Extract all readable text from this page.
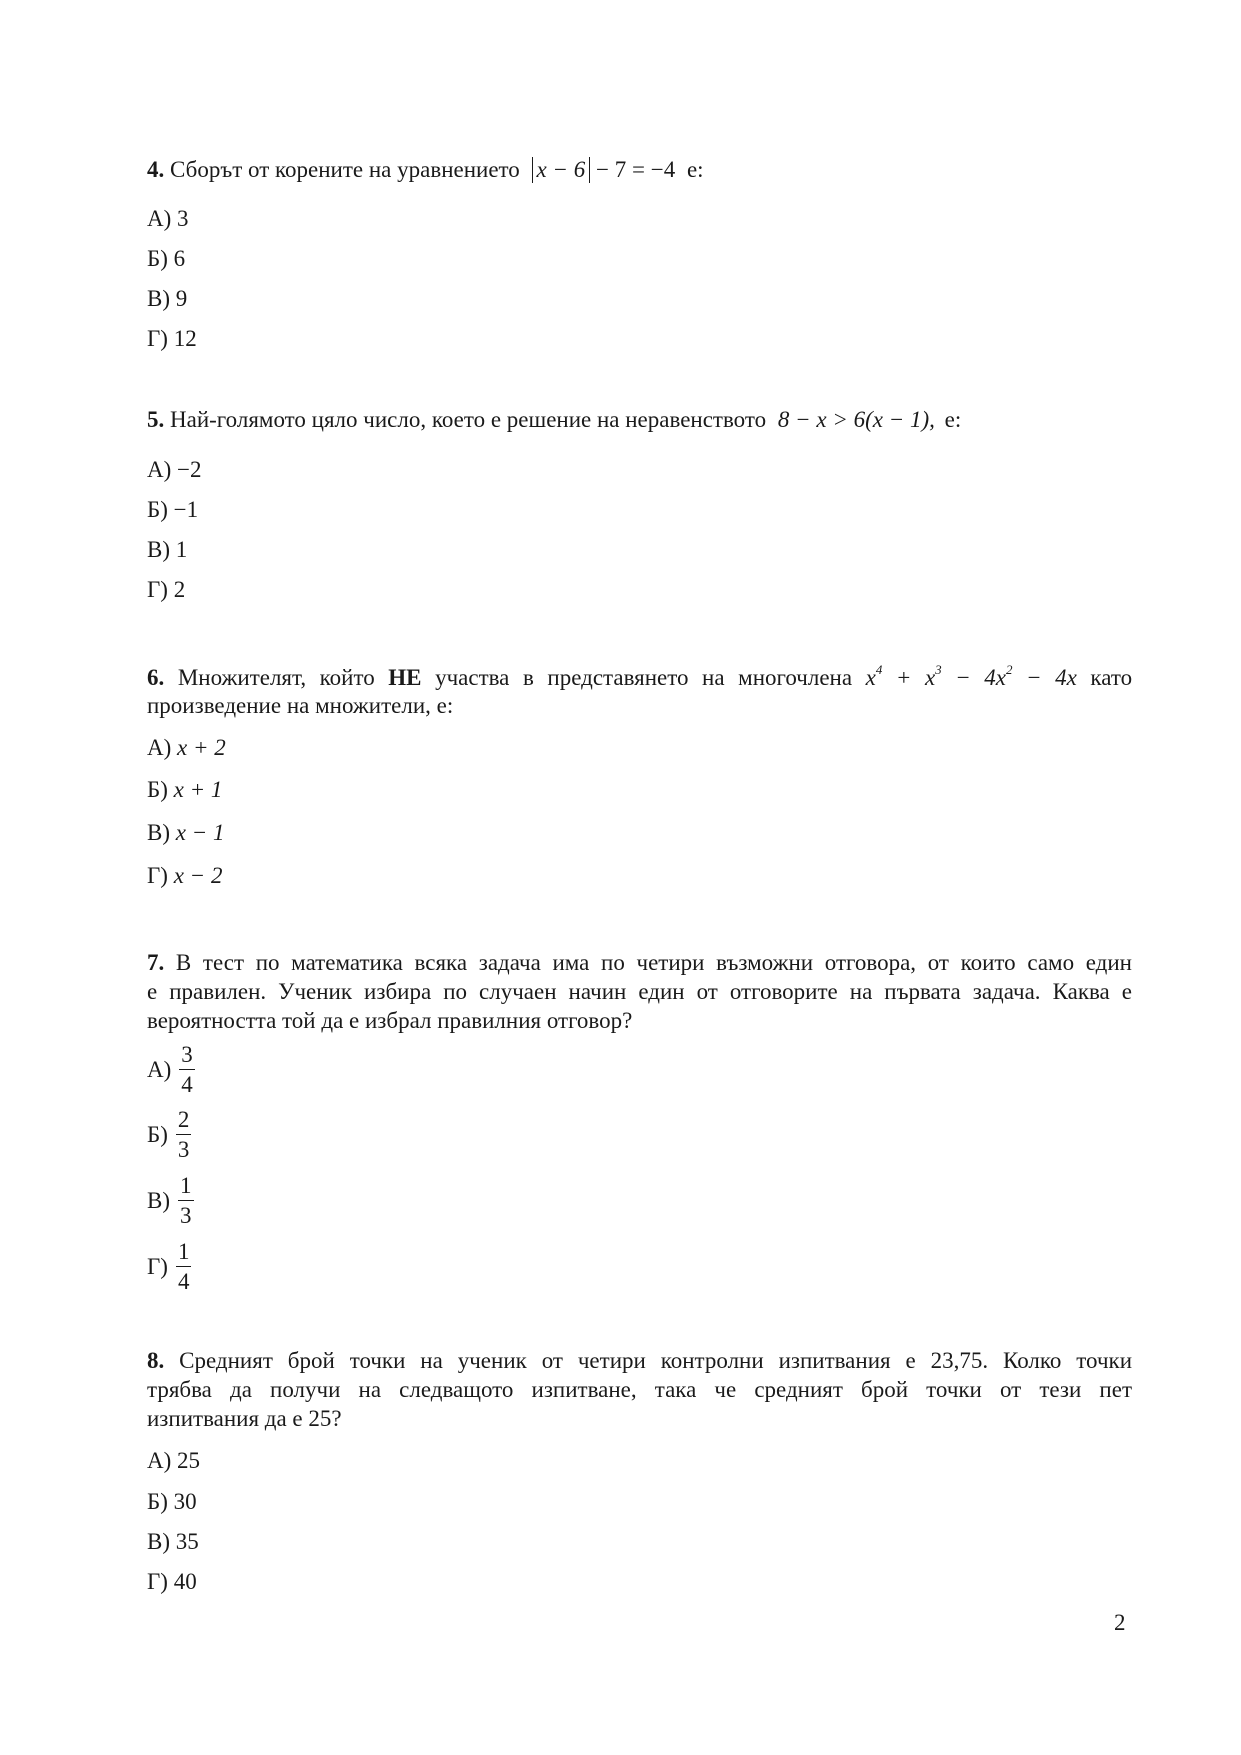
4. Сборът от корените на уравнението x − 6 − 7 = −4 е:
А) 3
Б) 6
В) 9
Г) 12
5. Най-голямото цяло число, което е решение на неравенството 8 − x > 6(x − 1), е:
А) −2
Б) −1
В) 1
Г) 2
6. Множителят, който НЕ участва в представянето на многочлена $x^4 + x^3 - 4x^2 - 4x$ като
произведение на множители, е:
А) x + 2
Б) x + 1
В) x − 1
Г) x − 2
7. В тест по математика всяка задача има по четири възможни отговора, от които само един
е правилен. Ученик избира по случаен начин един от отговорите на първата задача. Каква е
вероятността той да е избрал правилния отговор?
$А) \frac{3}{4}$
$Б) \frac{2}{3}$
$В) \frac{1}{3}$
$Г) \frac{1}{4}$
8. Средният брой точки на ученик от четири контролни изпитвания е 23,75. Колко точки
трябва да получи на следващото изпитване, така че средният брой точки от тези пет
изпитвания да е 25?
А) 25
Б) 30
В) 35
Г) 40
2
